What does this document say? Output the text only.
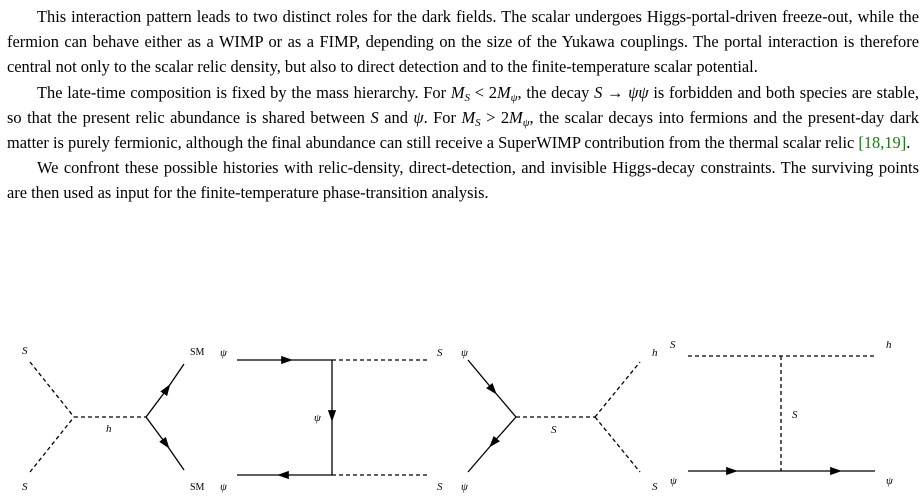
This interaction pattern leads to two distinct roles for the dark fields. The scalar undergoes Higgs-portal-driven freeze-out, while the fermion can behave either as a WIMP or as a FIMP, depending on the size of the Yukawa couplings. The portal interaction is therefore central not only to the scalar relic density, but also to direct detection and to the finite-temperature scalar potential.

The late-time composition is fixed by the mass hierarchy. For $M_S < 2M_\psi$, the decay S → ψψ is forbidden and both species are stable, so that the present relic abundance is shared between S and ψ. For $M_S > 2M_\psi$, the scalar decays into fermions and the present-day dark matter is purely fermionic, although the final abundance can still receive a SuperWIMP contribution from the thermal scalar relic [18,19].

We confront these possible histories with relic-density, direct-detection, and invisible Higgs-decay constraints. The surviving points are then used as input for the finite-temperature phase-transition analysis.

S
S
SM
SM
h
ψ
ψ
S
S
ψ
ψ
ψ
h
S
S
S
ψ
h
ψ
S
